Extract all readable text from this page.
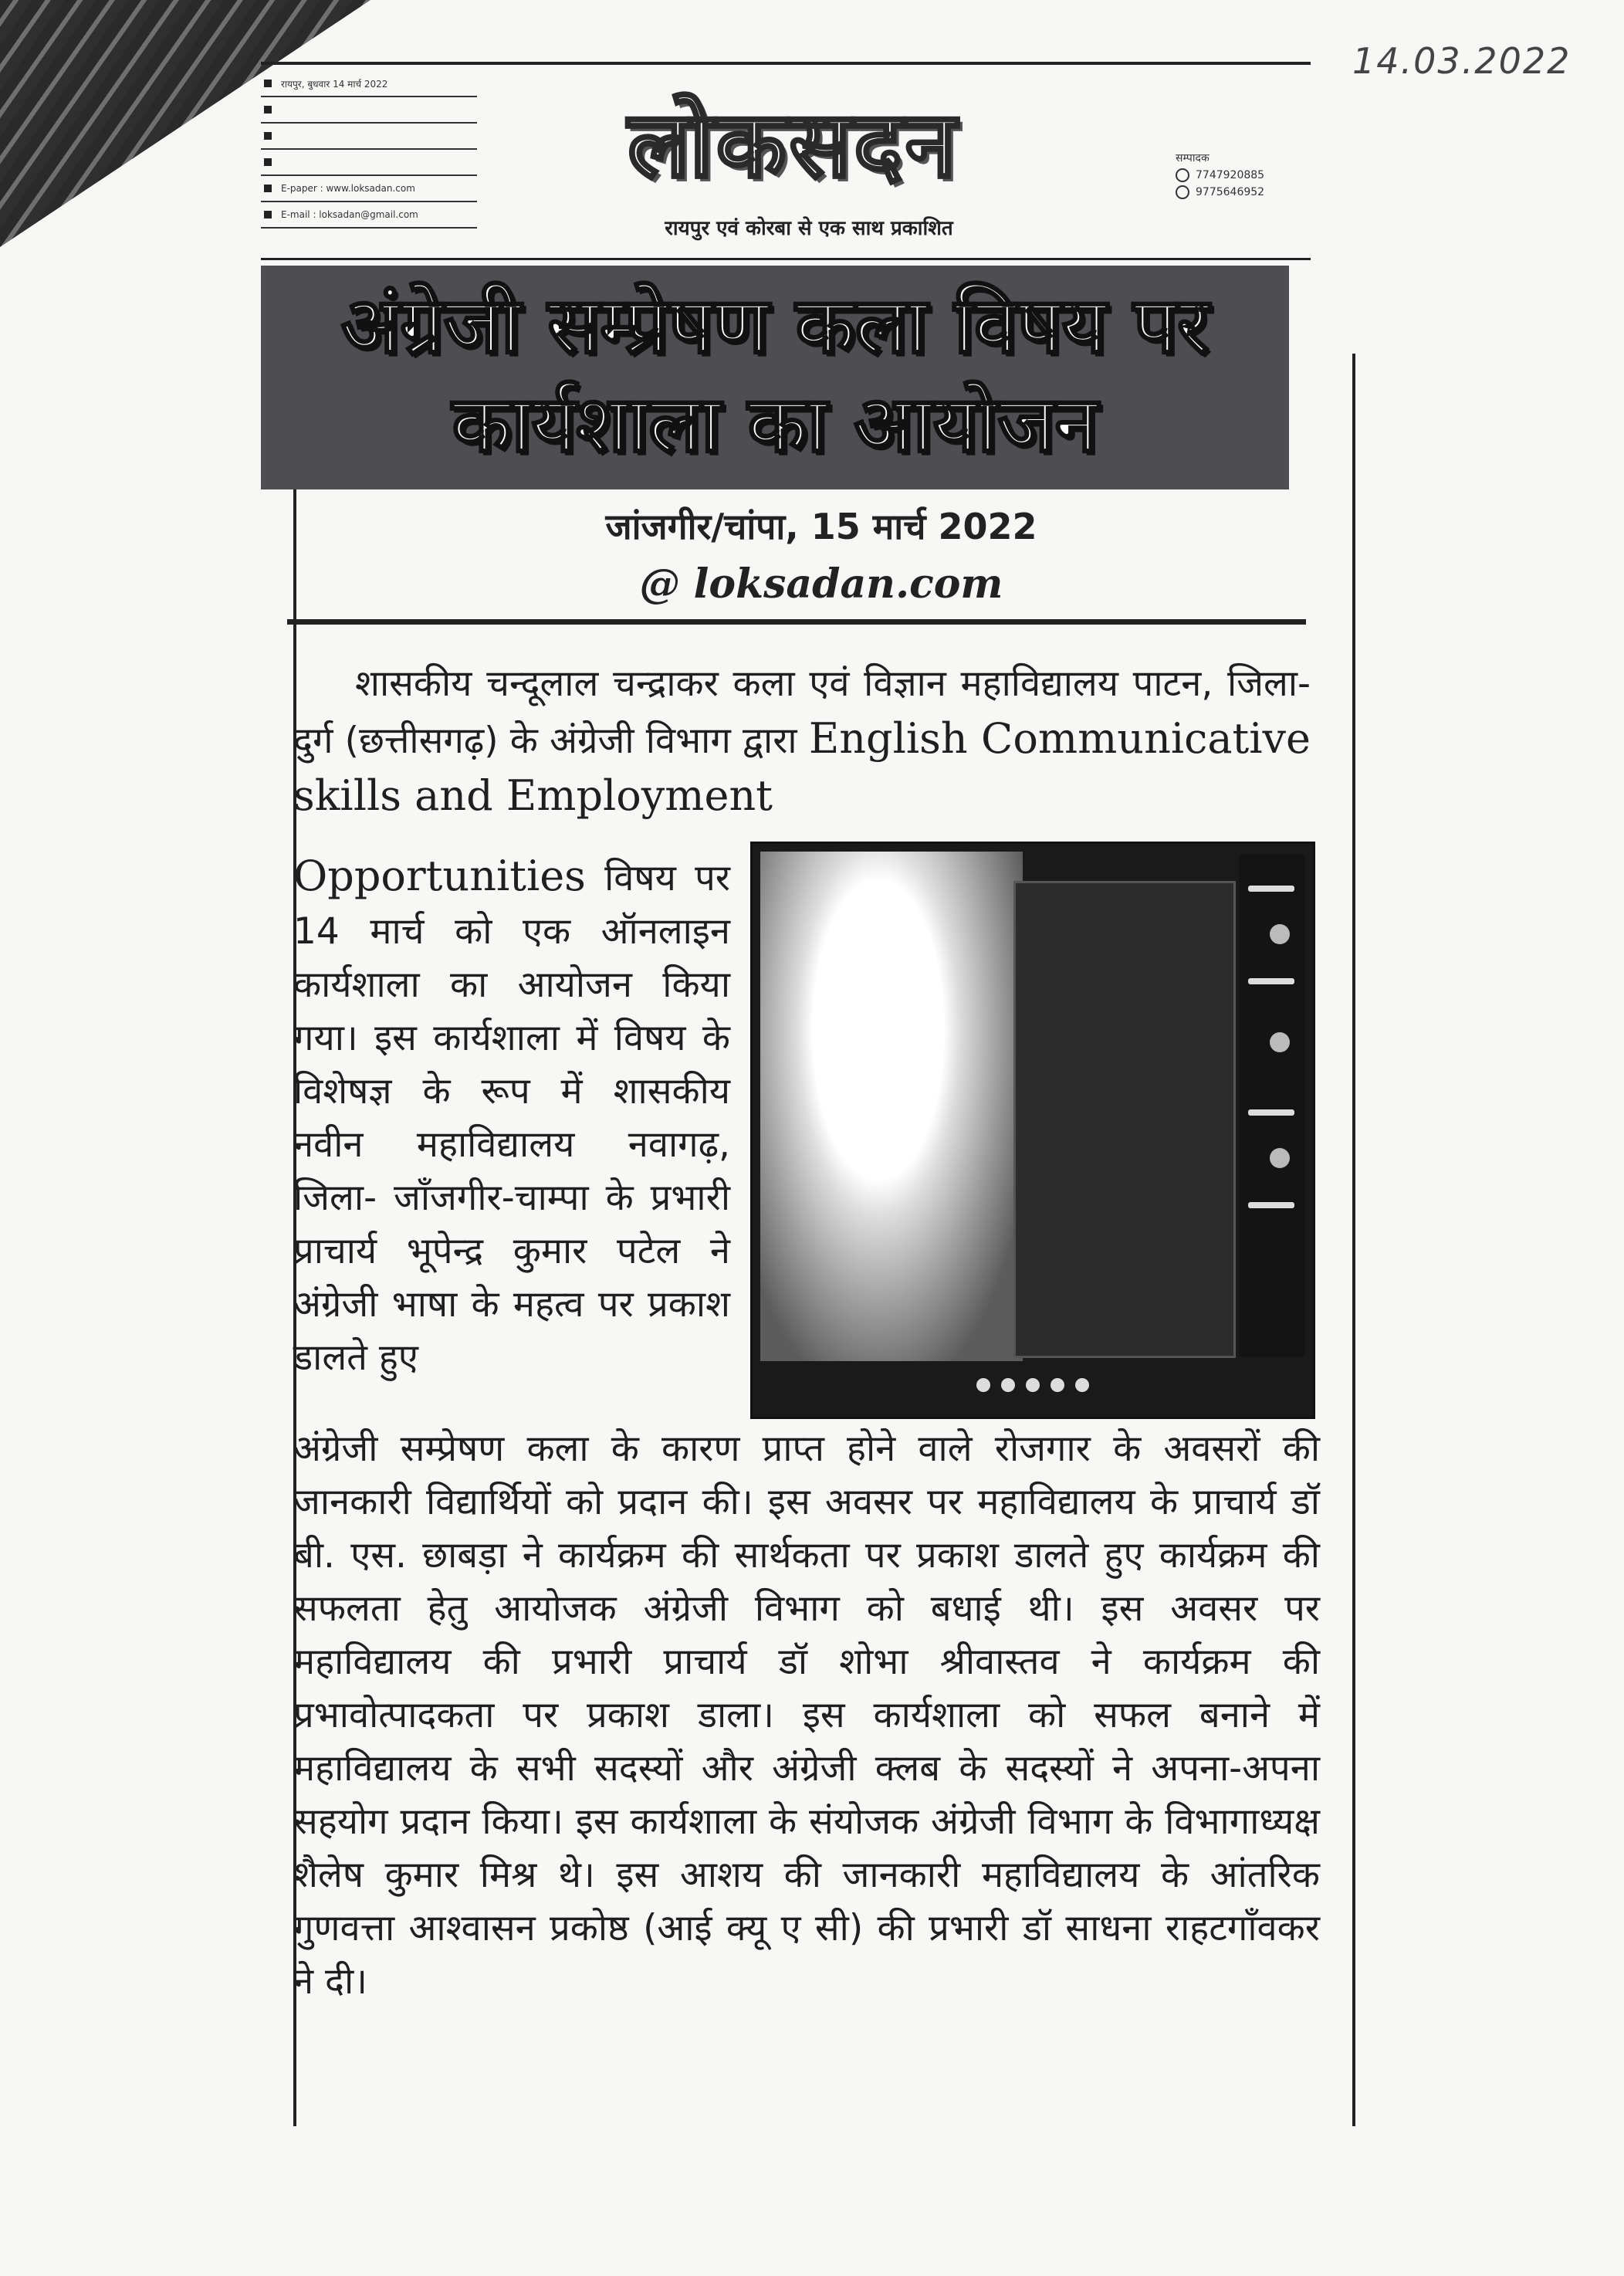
14.03.2022
रायपुर, बुधवार 14 मार्च 2022
E-paper : www.loksadan.com
E-mail : loksadan@gmail.com
लोकसदन
रायपुर एवं कोरबा से एक साथ प्रकाशित
सम्पादक
7747920885
9775646952
अंग्रेजी सम्प्रेषण कला विषय पर कार्यशाला का आयोजन
जांजगीर/चांपा, 15 मार्च 2022
@ loksadan.com
शासकीय चन्दूलाल चन्द्राकर कला एवं विज्ञान महाविद्यालय पाटन, जिला- दुर्ग (छत्तीसगढ़) के अंग्रेजी विभाग द्वारा English Communicative skills and Employment
Opportunities विषय पर 14 मार्च को एक ऑनलाइन कार्यशाला का आयोजन किया गया। इस कार्यशाला में विषय के विशेषज्ञ के रूप में शासकीय नवीन महाविद्यालय नवागढ़, जिला- जाँजगीर-चाम्पा के प्रभारी प्राचार्य भूपेन्द्र कुमार पटेल ने अंग्रेजी भाषा के महत्व पर प्रकाश डालते हुए
अंग्रेजी सम्प्रेषण कला के कारण प्राप्त होने वाले रोजगार के अवसरों की जानकारी विद्यार्थियों को प्रदान की। इस अवसर पर महाविद्यालय के प्राचार्य डॉ बी. एस. छाबड़ा ने कार्यक्रम की सार्थकता पर प्रकाश डालते हुए कार्यक्रम की सफलता हेतु आयोजक अंग्रेजी विभाग को बधाई थी। इस अवसर पर महाविद्यालय की प्रभारी प्राचार्य डॉ शोभा श्रीवास्तव ने कार्यक्रम की प्रभावोत्पादकता पर प्रकाश डाला। इस कार्यशाला को सफल बनाने में महाविद्यालय के सभी सदस्यों और अंग्रेजी क्लब के सदस्यों ने अपना-अपना सहयोग प्रदान किया। इस कार्यशाला के संयोजक अंग्रेजी विभाग के विभागाध्यक्ष शैलेष कुमार मिश्र थे। इस आशय की जानकारी महाविद्यालय के आंतरिक गुणवत्ता आश्वासन प्रकोष्ठ (आई क्यू ए सी) की प्रभारी डॉ साधना राहटगाँवकर ने दी।
